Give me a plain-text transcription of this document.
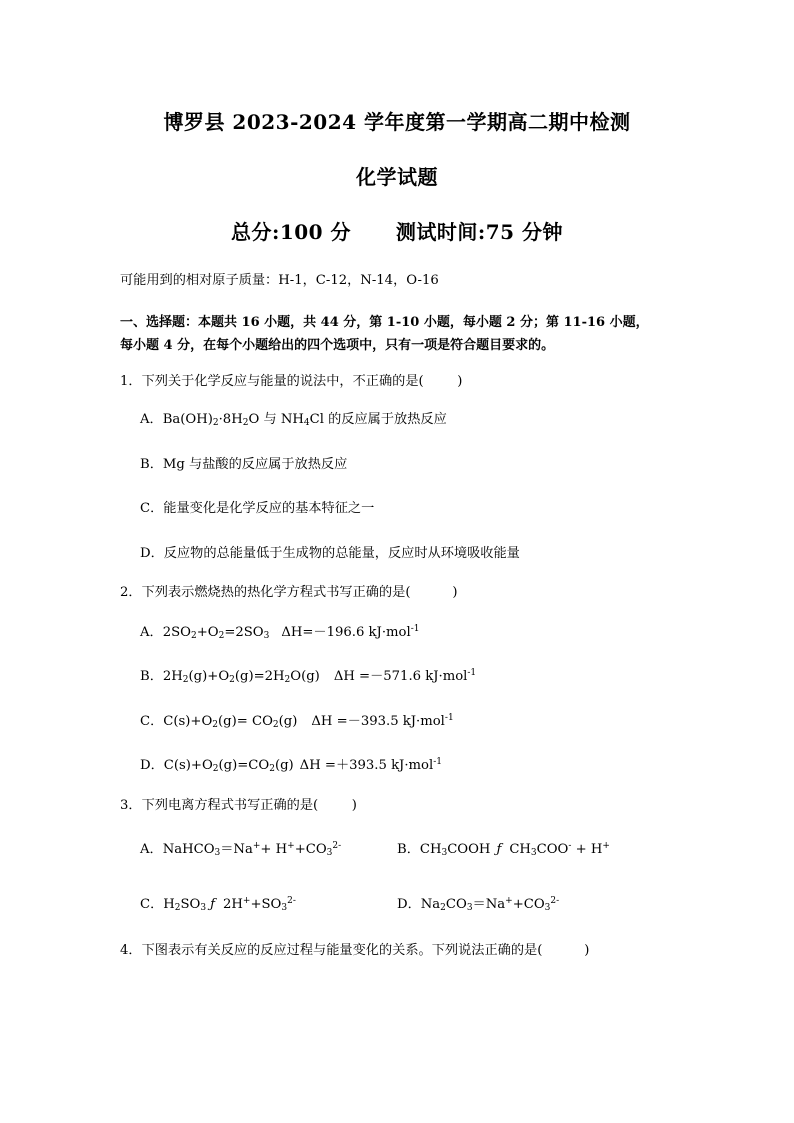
博罗县 2023-2024 学年度第一学期高二期中检测
化学试题
总分:100 分      测试时间:75 分钟
可能用到的相对原子质量：H-1，C-12，N-14，O-16
一、选择题：本题共 16 小题，共 44 分，第 1-10 小题，每小题 2 分；第 11-16 小题，
每小题 4 分，在每个小题给出的四个选项中，只有一项是符合题目要求的。
1．下列关于化学反应与能量的说法中，不正确的是(        )
A．$Ba(OH)_2\cdot 8H_2O$ 与 $NH_4Cl$ 的反应属于放热反应
B．Mg 与盐酸的反应属于放热反应
C．能量变化是化学反应的基本特征之一
D．反应物的总能量低于生成物的总能量，反应时从环境吸收能量
2．下列表示燃烧热的热化学方程式书写正确的是(          )
A．$2SO_2+O_2=2SO_3$ ΔH=－196.6 kJ·mol$^{-1}$
B．$2H_2(g)+O_2(g)=2H_2O(g)$ ΔH =－571.6 kJ·mol$^{-1}$
C．$C(s)+O_2(g)= CO_2(g)$ ΔH =－393.5 kJ·mol$^{-1}$
D．$C(s)+O_2(g)=CO_2(g)$ ΔH =＋393.5 kJ·mol$^{-1}$
3．下列电离方程式书写正确的是(        )
A．NaHCO$_3$＝Na++ $H^++CO_3^{2-}$	B．$CH_3COOH$ ƒ $CH_3COO^- + H^+$
C．$H_2SO_3$ ƒ $2H^++SO_3^{2-}$	D．$Na_2CO_3=Na^++CO_3^{2-}$
4．下图表示有关反应的反应过程与能量变化的关系。下列说法正确的是(          )
